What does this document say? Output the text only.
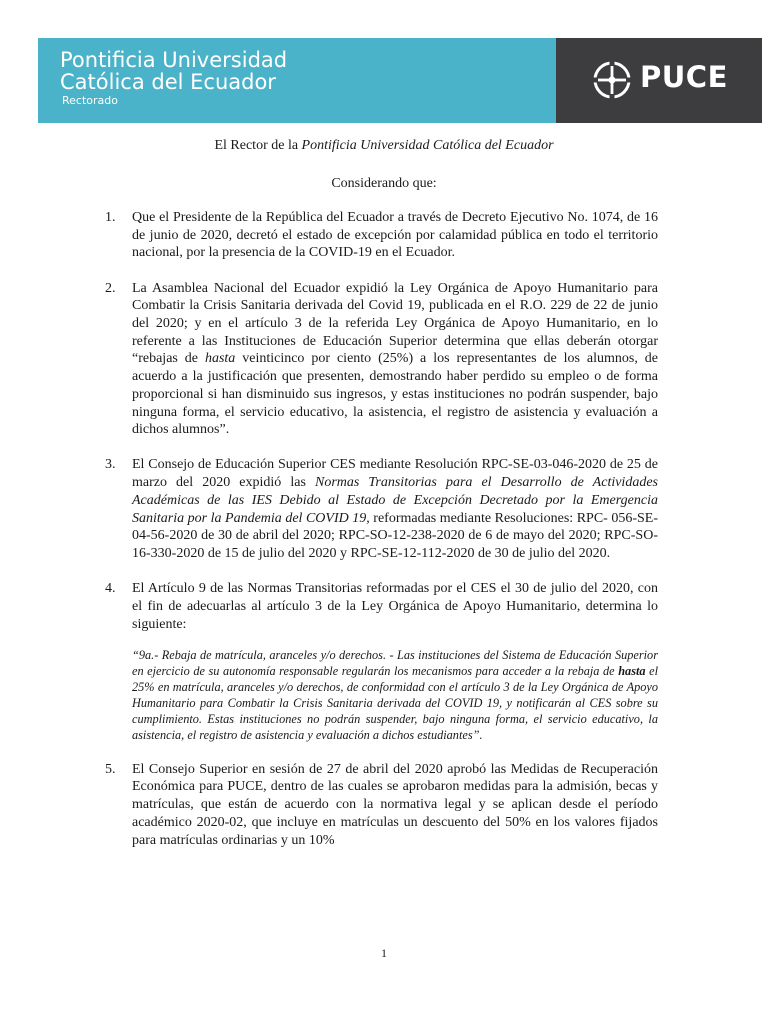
Pontificia Universidad
Católica del Ecuador
Rectorado
PUCE
El Rector de la Pontificia Universidad Católica del Ecuador
Considerando que:
1. Que el Presidente de la República del Ecuador a través de Decreto Ejecutivo No. 1074, de 16 de junio de 2020, decretó el estado de excepción por calamidad pública en todo el territorio nacional, por la presencia de la COVID-19 en el Ecuador.
2. La Asamblea Nacional del Ecuador expidió la Ley Orgánica de Apoyo Humanitario para Combatir la Crisis Sanitaria derivada del Covid 19, publicada en el R.O. 229 de 22 de junio del 2020; y en el artículo 3 de la referida Ley Orgánica de Apoyo Humanitario, en lo referente a las Instituciones de Educación Superior determina que ellas deberán otorgar “rebajas de hasta veinticinco por ciento (25%) a los representantes de los alumnos, de acuerdo a la justificación que presenten, demostrando haber perdido su empleo o de forma proporcional si han disminuido sus ingresos, y estas instituciones no podrán suspender, bajo ninguna forma, el servicio educativo, la asistencia, el registro de asistencia y evaluación a dichos alumnos”.
3. El Consejo de Educación Superior CES mediante Resolución RPC-SE-03-046-2020 de 25 de marzo del 2020 expidió las Normas Transitorias para el Desarrollo de Actividades Académicas de las IES Debido al Estado de Excepción Decretado por la Emergencia Sanitaria por la Pandemia del COVID 19, reformadas mediante Resoluciones: RPC- 056-SE-04-56-2020 de 30 de abril del 2020; RPC-SO-12-238-2020 de 6 de mayo del 2020; RPC-SO-16-330-2020 de 15 de julio del 2020 y RPC-SE-12-112-2020 de 30 de julio del 2020.
4. El Artículo 9 de las Normas Transitorias reformadas por el CES el 30 de julio del 2020, con el fin de adecuarlas al artículo 3 de la Ley Orgánica de Apoyo Humanitario, determina lo siguiente:
“9a.- Rebaja de matrícula, aranceles y/o derechos. - Las instituciones del Sistema de Educación Superior en ejercicio de su autonomía responsable regularán los mecanismos para acceder a la rebaja de hasta el 25% en matrícula, aranceles y/o derechos, de conformidad con el artículo 3 de la Ley Orgánica de Apoyo Humanitario para Combatir la Crisis Sanitaria derivada del COVID 19, y notificarán al CES sobre su cumplimiento. Estas instituciones no podrán suspender, bajo ninguna forma, el servicio educativo, la asistencia, el registro de asistencia y evaluación a dichos estudiantes”.
5. El Consejo Superior en sesión de 27 de abril del 2020 aprobó las Medidas de Recuperación Económica para PUCE, dentro de las cuales se aprobaron medidas para la admisión, becas y matrículas, que están de acuerdo con la normativa legal y se aplican desde el período académico 2020-02, que incluye en matrículas un descuento del 50% en los valores fijados para matrículas ordinarias y un 10%
1
